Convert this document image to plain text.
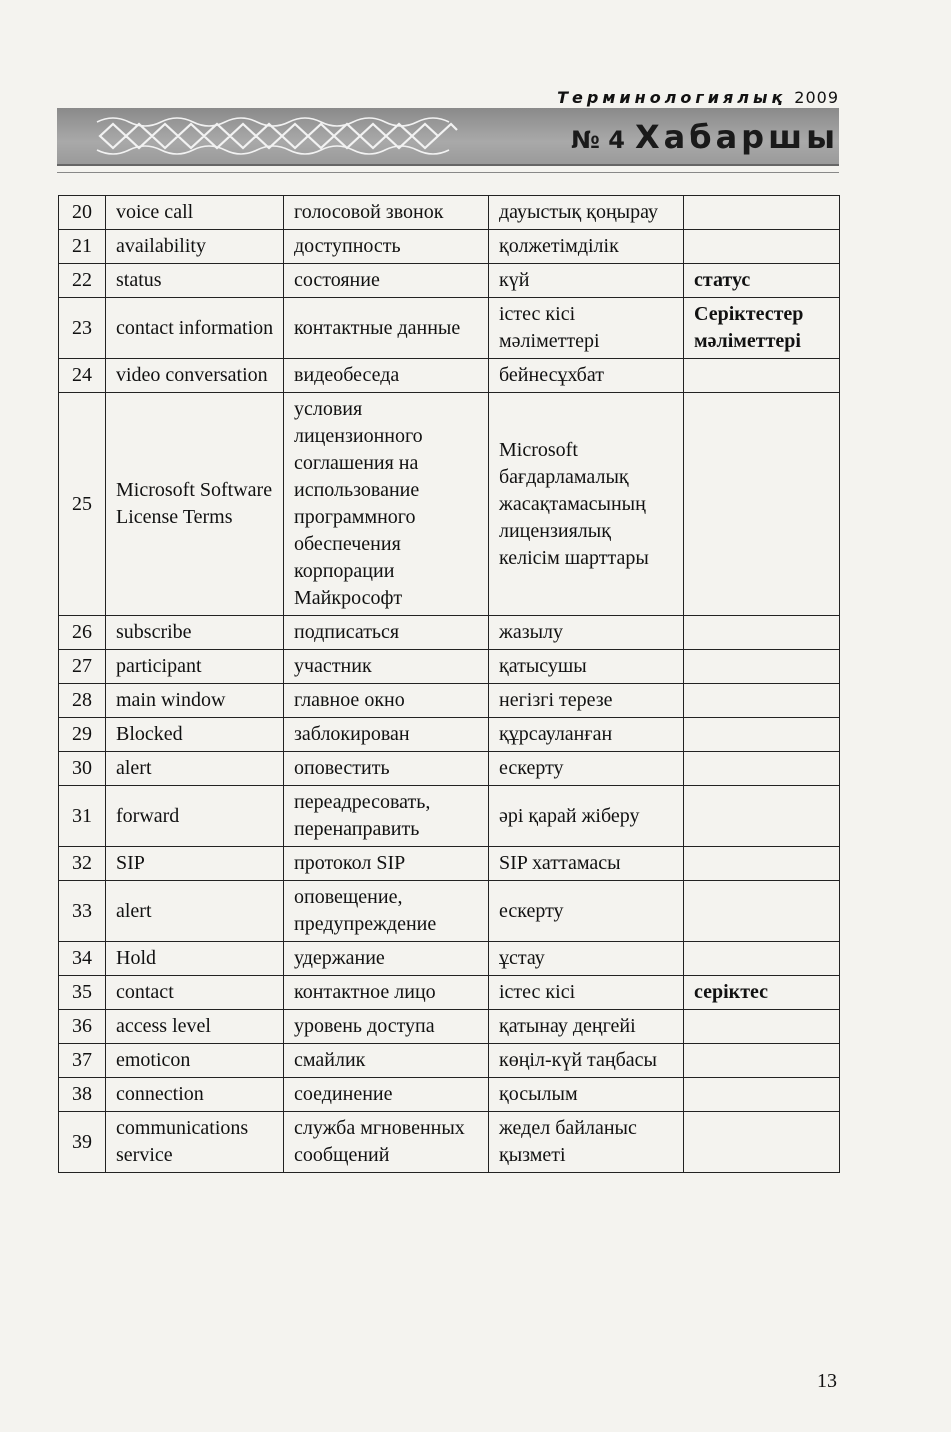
Терминологиялық 2009
№ 4 Хабаршы
20	voice call	голосовой звонок	дауыстық қоңырау	
21	availability	доступность	қолжетімділік	
22	status	состояние	күй	статус
23	contact information	контактные данные	істес кісі мәліметтері	Серіктестер мәліметтері
24	video conversation	видеобеседа	бейнесұхбат	
25	Microsoft Software License Terms	условия лицензионного соглашения на использование программного обеспечения корпорации Майкрософт	Microsoft бағдарламалық жасақтамасының лицензиялық келісім шарттары	
26	subscribe	подписаться	жазылу	
27	participant	участник	қатысушы	
28	main window	главное окно	негізгі терезе	
29	Blocked	заблокирован	құрсауланған	
30	alert	оповестить	ескерту	
31	forward	переадресовать, перенаправить	әрі қарай жіберу	
32	SIP	протокол SIP	SIP хаттамасы	
33	alert	оповещение, предупреждение	ескерту	
34	Hold	удержание	ұстау	
35	contact	контактное лицо	істес кісі	серіктес
36	access level	уровень доступа	қатынау деңгейі	
37	emoticon	смайлик	көңіл-күй таңбасы	
38	connection	соединение	қосылым	
39	communications service	служба мгновенных сообщений	жедел байланыс қызметі	
13
